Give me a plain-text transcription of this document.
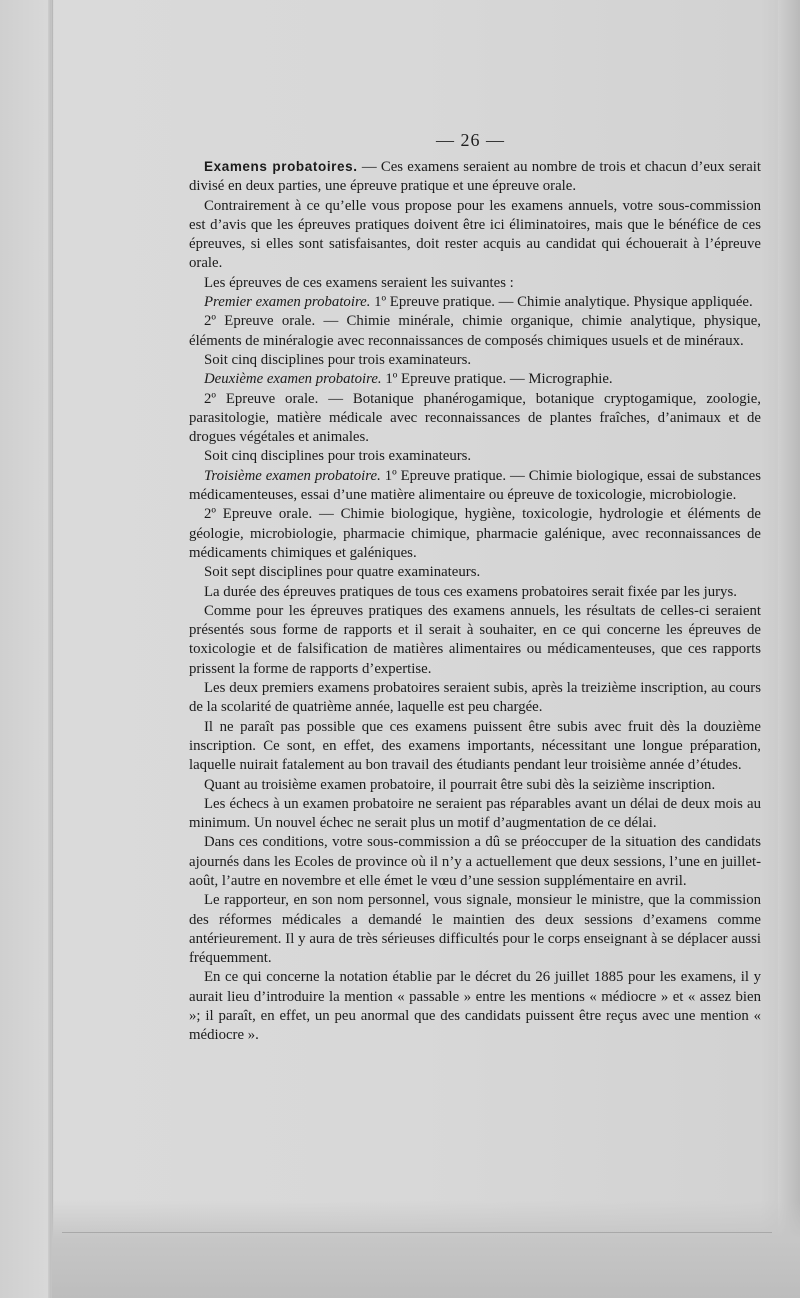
— 26 —

Examens probatoires. — Ces examens seraient au nombre de trois et chacun d’eux serait divisé en deux parties, une épreuve pratique et une épreuve orale.

Contrairement à ce qu’elle vous propose pour les examens annuels, votre sous-commission est d’avis que les épreuves pratiques doivent être ici éliminatoires, mais que le bénéfice de ces épreuves, si elles sont satisfaisantes, doit rester acquis au candidat qui échouerait à l’épreuve orale.

Les épreuves de ces examens seraient les suivantes :

Premier examen probatoire. 1º Epreuve pratique. — Chimie analytique. Physique appliquée.

2º Epreuve orale. — Chimie minérale, chimie organique, chimie analytique, physique, éléments de minéralogie avec reconnaissances de composés chimiques usuels et de minéraux.

Soit cinq disciplines pour trois examinateurs.

Deuxième examen probatoire. 1º Epreuve pratique. — Micrographie.

2º Epreuve orale. — Botanique phanérogamique, botanique cryptogamique, zoologie, parasitologie, matière médicale avec reconnaissances de plantes fraîches, d’animaux et de drogues végétales et animales.

Soit cinq disciplines pour trois examinateurs.

Troisième examen probatoire. 1º Epreuve pratique. — Chimie biologique, essai de substances médicamenteuses, essai d’une matière alimentaire ou épreuve de toxicologie, microbiologie.

2º Epreuve orale. — Chimie biologique, hygiène, toxicologie, hydrologie et éléments de géologie, microbiologie, pharmacie chimique, pharmacie galénique, avec reconnaissances de médicaments chimiques et galéniques.

Soit sept disciplines pour quatre examinateurs.

La durée des épreuves pratiques de tous ces examens probatoires serait fixée par les jurys.

Comme pour les épreuves pratiques des examens annuels, les résultats de celles-ci seraient présentés sous forme de rapports et il serait à souhaiter, en ce qui concerne les épreuves de toxicologie et de falsification de matières alimentaires ou médicamenteuses, que ces rapports prissent la forme de rapports d’expertise.

Les deux premiers examens probatoires seraient subis, après la treizième inscription, au cours de la scolarité de quatrième année, laquelle est peu chargée.

Il ne paraît pas possible que ces examens puissent être subis avec fruit dès la douzième inscription. Ce sont, en effet, des examens importants, nécessitant une longue préparation, laquelle nuirait fatalement au bon travail des étudiants pendant leur troisième année d’études.

Quant au troisième examen probatoire, il pourrait être subi dès la seizième inscription.

Les échecs à un examen probatoire ne seraient pas réparables avant un délai de deux mois au minimum. Un nouvel échec ne serait plus un motif d’augmentation de ce délai.

Dans ces conditions, votre sous-commission a dû se préoccuper de la situation des candidats ajournés dans les Ecoles de province où il n’y a actuellement que deux sessions, l’une en juillet-août, l’autre en novembre et elle émet le vœu d’une session supplémentaire en avril.

Le rapporteur, en son nom personnel, vous signale, monsieur le ministre, que la commission des réformes médicales a demandé le maintien des deux sessions d’examens comme antérieurement. Il y aura de très sérieuses difficultés pour le corps enseignant à se déplacer aussi fréquemment.

En ce qui concerne la notation établie par le décret du 26 juillet 1885 pour les examens, il y aurait lieu d’introduire la mention « passable » entre les mentions « médiocre » et « assez bien »; il paraît, en effet, un peu anormal que des candidats puissent être reçus avec une mention « médiocre ».
